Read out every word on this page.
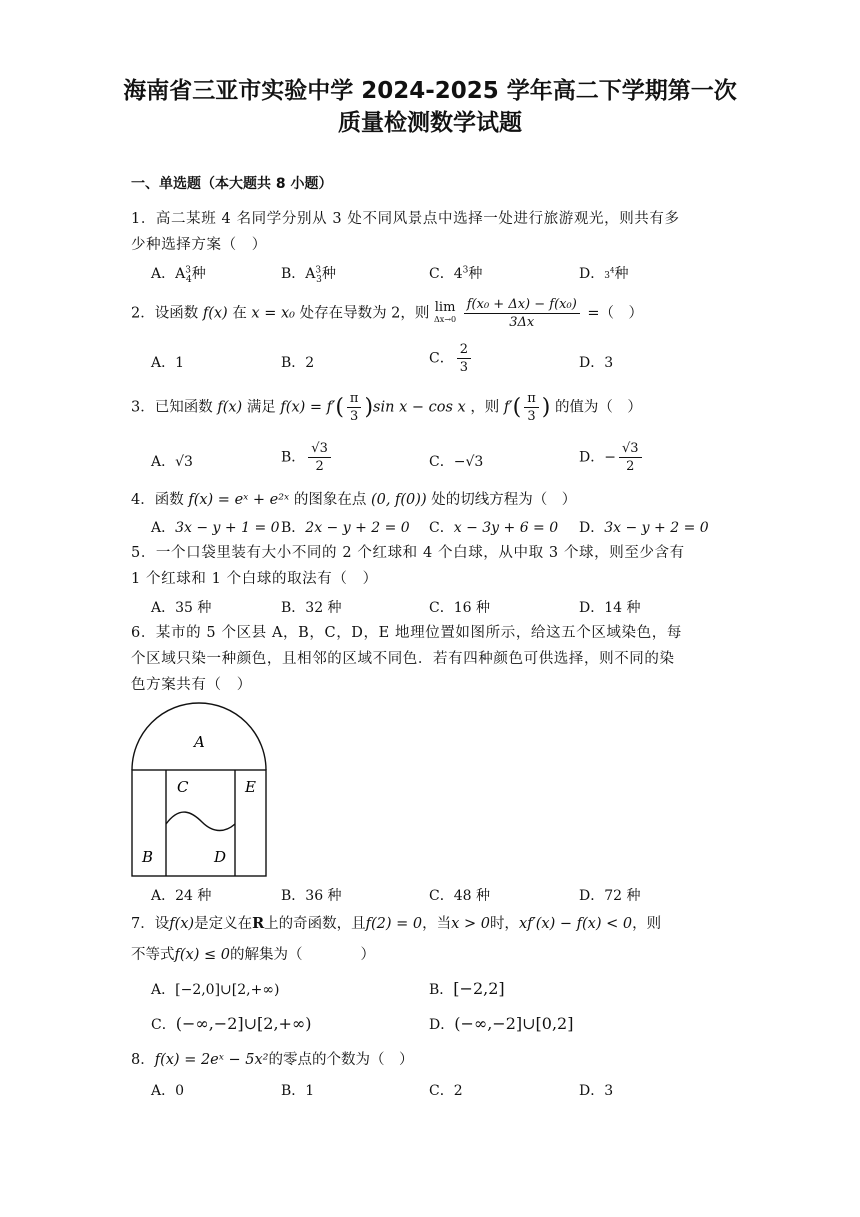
海南省三亚市实验中学 2024-2025 学年高二下学期第一次
质量检测数学试题
一、单选题（本大题共 8 小题）
1．高二某班 4 名同学分别从 3 处不同风景点中选择一处进行旅游观光，则共有多
少种选择方案（　）
A．$A^3_4$种	B．$A^3_3$种	C．$4^3$种	D．$3^4$种
2．设函数 f(x) 在 x = x₀ 处存在导数为 2，则 lim
Δx→0
$\frac{\text{f(x₀ + Δx) − f(x₀)}}{3\Delta x}$ =（　）
A．1	B．2	C． $\frac{2}{3}$	D．3
3．已知函数 f(x) 满足 $f(x) = f'( \frac{\pi}{3} )\sin$ x − cos x ，则 $f'( \frac{\pi}{3}$ ) 的值为（　）
A．√3	B． $\frac{√3}{2}$	C．−√3	D．− $\frac{√3}{2}$
4．函数 f(x) = eˣ + e²ˣ 的图象在点 (0, f(0)) 处的切线方程为（　）
A．3x − y + 1 = 0 B．2x − y + 2 = 0 C．x − 3y + 6 = 0 D．3x − y + 2 = 0
5．一个口袋里装有大小不同的 2 个红球和 4 个白球，从中取 3 个球，则至少含有
1 个红球和 1 个白球的取法有（　）
A．35 种	B．32 种	C．16 种	D．14 种
6．某市的 5 个区县 A，B，C，D，E 地理位置如图所示，给这五个区域染色，每
个区域只染一种颜色，且相邻的区域不同色．若有四种颜色可供选择，则不同的染
色方案共有（　）
A
C	E
B	D
A．24 种	B．36 种	C．48 种	D．72 种
7．设f(x)是定义在R上的奇函数，且f(2) = 0，当x > 0时，xf′(x) − f(x) < 0，则
不等式f(x) ≤ 0的解集为（　　　　）
A．[−2,0]∪[2,+∞)	B．[−2,2]
C．(−∞,−2]∪[2,+∞)	D．(−∞,−2]∪[0,2]
8．f(x) = 2eˣ − 5x²的零点的个数为（　）
A．0	B．1	C．2	D．3
